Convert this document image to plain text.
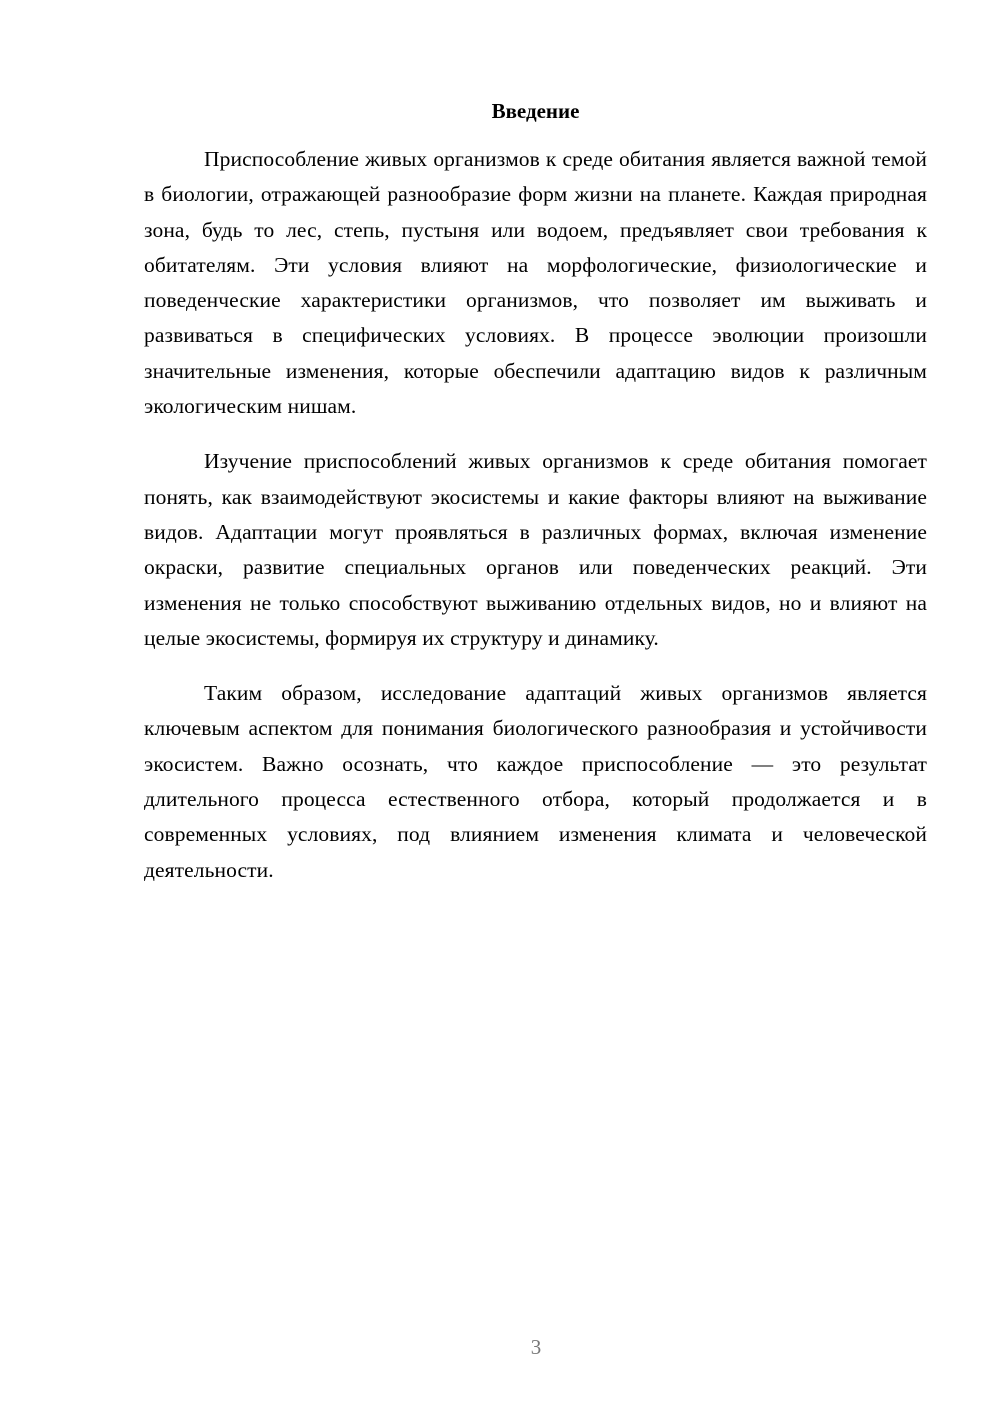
Введение

Приспособление живых организмов к среде обитания является важной темой в биологии, отражающей разнообразие форм жизни на планете. Каждая природная зона, будь то лес, степь, пустыня или водоем, предъявляет свои требования к обитателям. Эти условия влияют на морфологические, физиологические и поведенческие характеристики организмов, что позволяет им выживать и развиваться в специфических условиях. В процессе эволюции произошли значительные изменения, которые обеспечили адаптацию видов к различным экологическим нишам.

Изучение приспособлений живых организмов к среде обитания помогает понять, как взаимодействуют экосистемы и какие факторы влияют на выживание видов. Адаптации могут проявляться в различных формах, включая изменение окраски, развитие специальных органов или поведенческих реакций. Эти изменения не только способствуют выживанию отдельных видов, но и влияют на целые экосистемы, формируя их структуру и динамику.

Таким образом, исследование адаптаций живых организмов является ключевым аспектом для понимания биологического разнообразия и устойчивости экосистем. Важно осознать, что каждое приспособление — это результат длительного процесса естественного отбора, который продолжается и в современных условиях, под влиянием изменения климата и человеческой деятельности.

3
